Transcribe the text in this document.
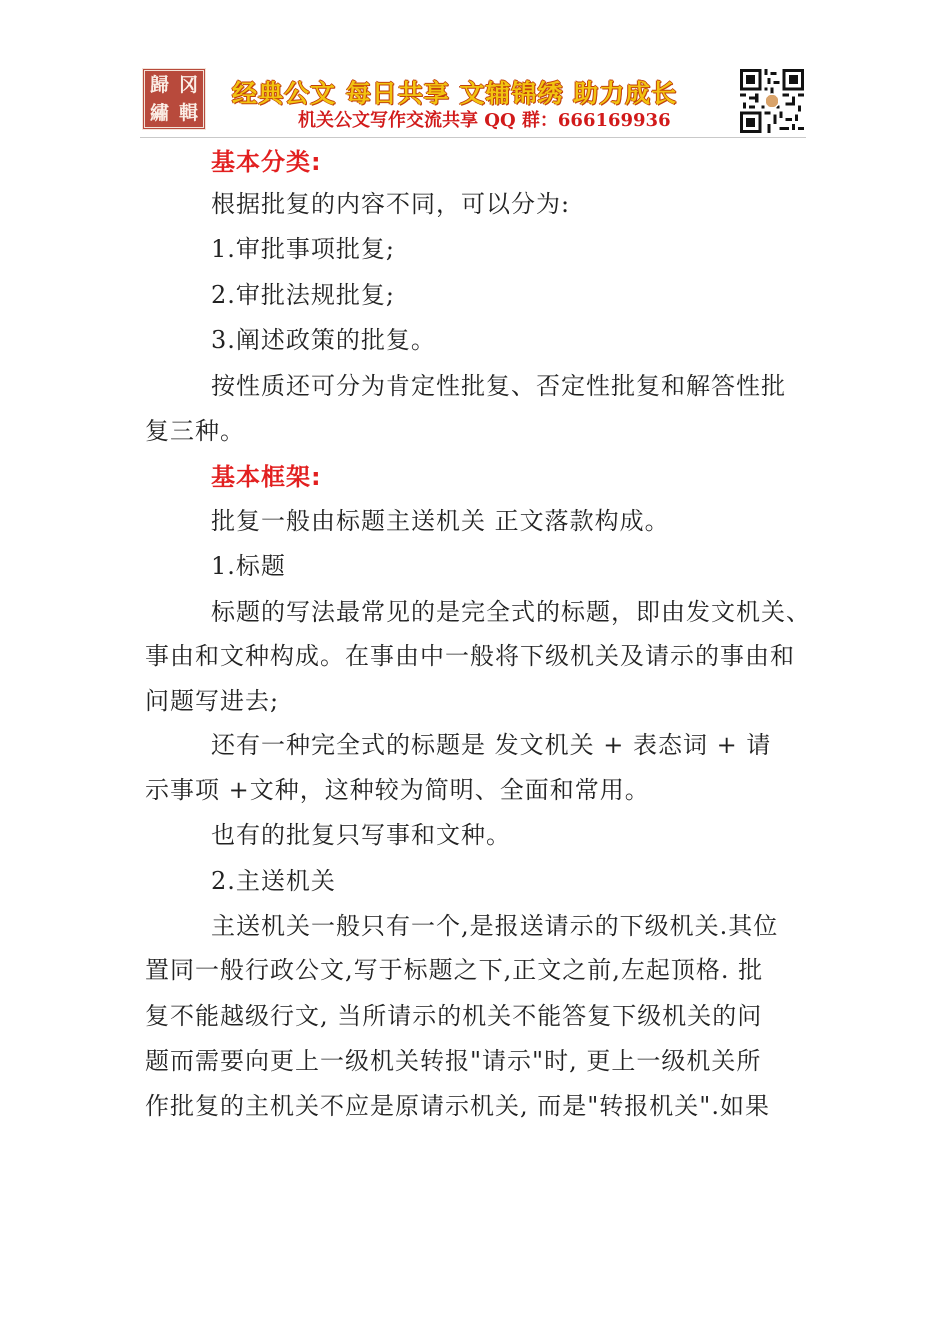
歸 冈
繡 輯
经典公文 每日共享 文辅锦绣 助力成长
机关公文写作交流共享 QQ 群：666169936

基本分类:

根据批复的内容不同，可以分为:

1.审批事项批复;

2.审批法规批复;

3.阐述政策的批复。

按性质还可分为肯定性批复、否定性批复和解答性批

复三种。

基本框架:

批复一般由标题主送机关 正文落款构成。

1.标题

标题的写法最常见的是完全式的标题，即由发文机关、

事由和文种构成。在事由中一般将下级机关及请示的事由和

问题写进去;

还有一种完全式的标题是 发文机关 + 表态词 + 请

示事项 +文种，这种较为简明、全面和常用。

也有的批复只写事和文种。

2.主送机关

主送机关一般只有一个,是报送请示的下级机关.其位

置同一般行政公文,写于标题之下,正文之前,左起顶格. 批

复不能越级行文, 当所请示的机关不能答复下级机关的问

题而需要向更上一级机关转报"请示"时, 更上一级机关所

作批复的主机关不应是原请示机关, 而是"转报机关".如果
